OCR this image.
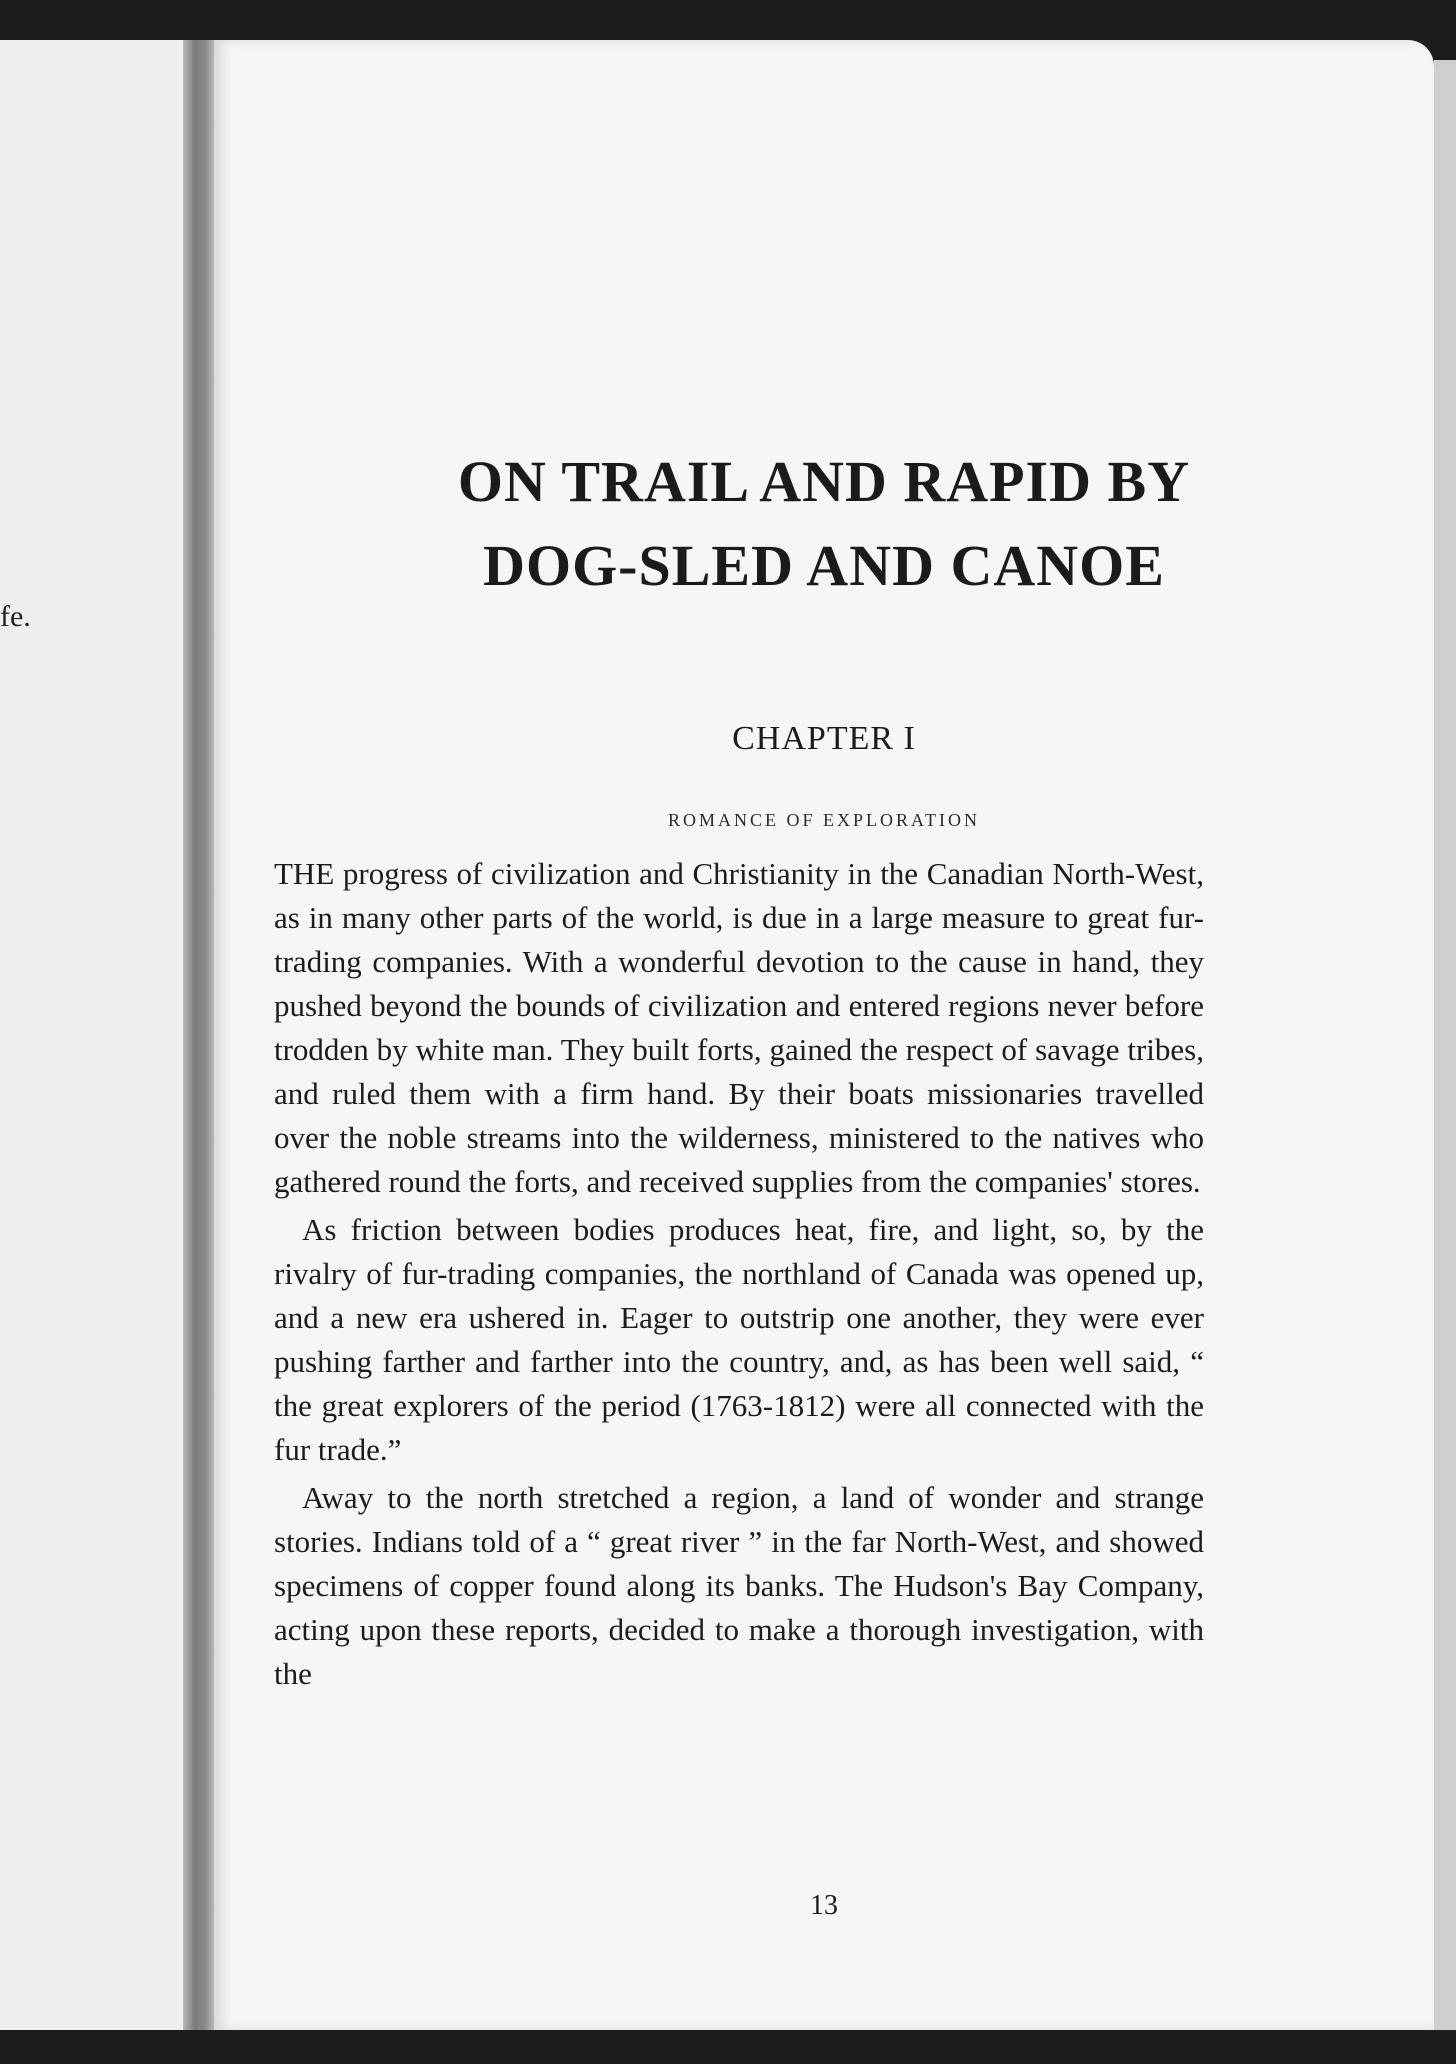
fe.
ON TRAIL AND RAPID BY
DOG-SLED AND CANOE
CHAPTER I
ROMANCE OF EXPLORATION

THE progress of civilization and Christianity in the Canadian North-West, as in many other parts of the world, is due in a large measure to great fur-trading companies. With a wonderful devotion to the cause in hand, they pushed beyond the bounds of civilization and entered regions never before trodden by white man. They built forts, gained the respect of savage tribes, and ruled them with a firm hand. By their boats missionaries travelled over the noble streams into the wilderness, ministered to the natives who gathered round the forts, and received supplies from the companies' stores.

As friction between bodies produces heat, fire, and light, so, by the rivalry of fur-trading companies, the northland of Canada was opened up, and a new era ushered in. Eager to outstrip one another, they were ever pushing farther and farther into the country, and, as has been well said, “ the great explorers of the period (1763-1812) were all connected with the fur trade.”

Away to the north stretched a region, a land of wonder and strange stories. Indians told of a “ great river ” in the far North-West, and showed specimens of copper found along its banks. The Hudson's Bay Company, acting upon these reports, decided to make a thorough investigation, with the

13
